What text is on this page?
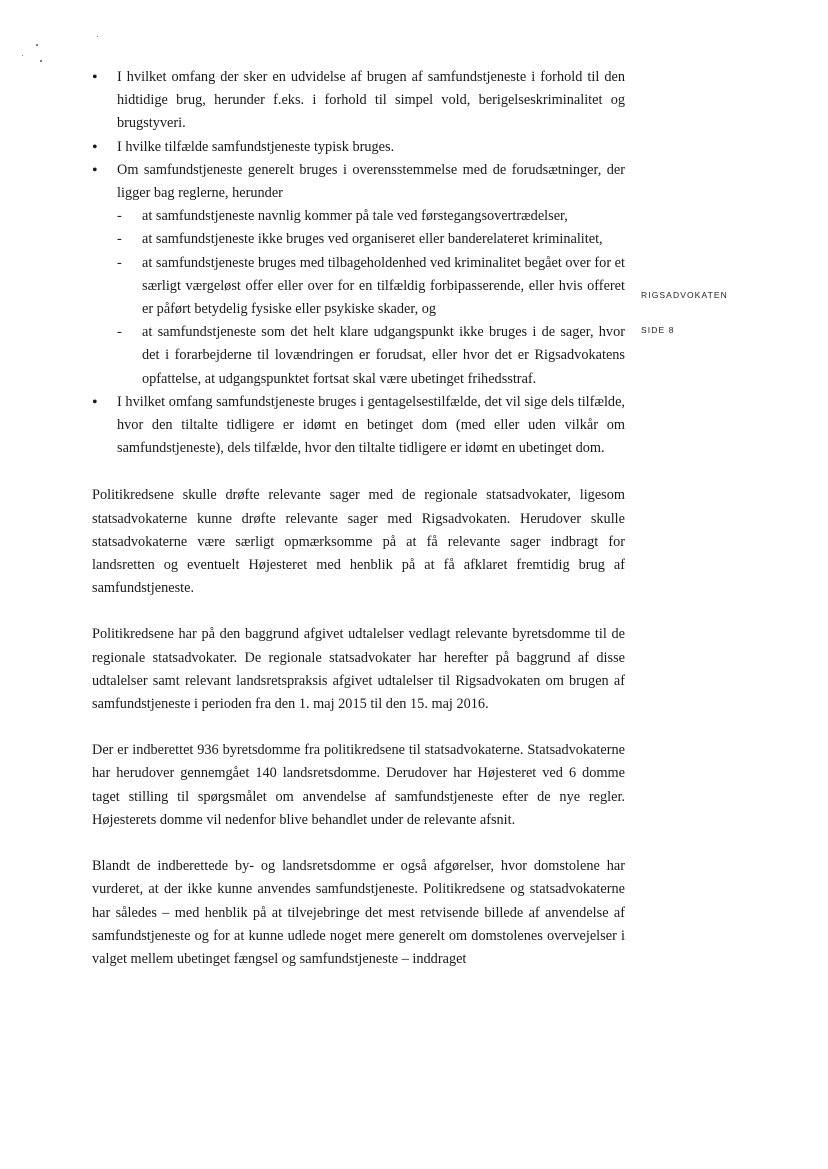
RIGSADVOKATEN
SIDE 8
• I hvilket omfang der sker en udvidelse af brugen af samfundstjeneste i forhold til den hidtidige brug, herunder f.eks. i forhold til simpel vold, berigelseskriminalitet og brugstyveri.
• I hvilke tilfælde samfundstjeneste typisk bruges.
• Om samfundstjeneste generelt bruges i overensstemmelse med de forudsætninger, der ligger bag reglerne, herunder
- at samfundstjeneste navnlig kommer på tale ved førstegangsovertrædelser,
- at samfundstjeneste ikke bruges ved organiseret eller banderelateret kriminalitet,
- at samfundstjeneste bruges med tilbageholdenhed ved kriminalitet begået over for et særligt værgeløst offer eller over for en tilfældig forbipasserende, eller hvis offeret er påført betydelig fysiske eller psykiske skader, og
- at samfundstjeneste som det helt klare udgangspunkt ikke bruges i de sager, hvor det i forarbejderne til lovændringen er forudsat, eller hvor det er Rigsadvokatens opfattelse, at udgangspunktet fortsat skal være ubetinget frihedsstraf.
• I hvilket omfang samfundstjeneste bruges i gentagelsestilfælde, det vil sige dels tilfælde, hvor den tiltalte tidligere er idømt en betinget dom (med eller uden vilkår om samfundstjeneste), dels tilfælde, hvor den tiltalte tidligere er idømt en ubetinget dom.

Politikredsene skulle drøfte relevante sager med de regionale statsadvokater, ligesom statsadvokaterne kunne drøfte relevante sager med Rigsadvokaten. Herudover skulle statsadvokaterne være særligt opmærksomme på at få relevante sager indbragt for landsretten og eventuelt Højesteret med henblik på at få afklaret fremtidig brug af samfundstjeneste.

Politikredsene har på den baggrund afgivet udtalelser vedlagt relevante byretsdomme til de regionale statsadvokater. De regionale statsadvokater har herefter på baggrund af disse udtalelser samt relevant landsretspraksis afgivet udtalelser til Rigsadvokaten om brugen af samfundstjeneste i perioden fra den 1. maj 2015 til den 15. maj 2016.

Der er indberettet 936 byretsdomme fra politikredsene til statsadvokaterne. Statsadvokaterne har herudover gennemgået 140 landsretsdomme. Derudover har Højesteret ved 6 domme taget stilling til spørgsmålet om anvendelse af samfundstjeneste efter de nye regler. Højesterets domme vil nedenfor blive behandlet under de relevante afsnit.

Blandt de indberettede by- og landsretsdomme er også afgørelser, hvor domstolene har vurderet, at der ikke kunne anvendes samfundstjeneste. Politikredsene og statsadvokaterne har således – med henblik på at tilvejebringe det mest retvisende billede af anvendelse af samfundstjeneste og for at kunne udlede noget mere generelt om domstolenes overvejelser i valget mellem ubetinget fængsel og samfundstjeneste – inddraget
